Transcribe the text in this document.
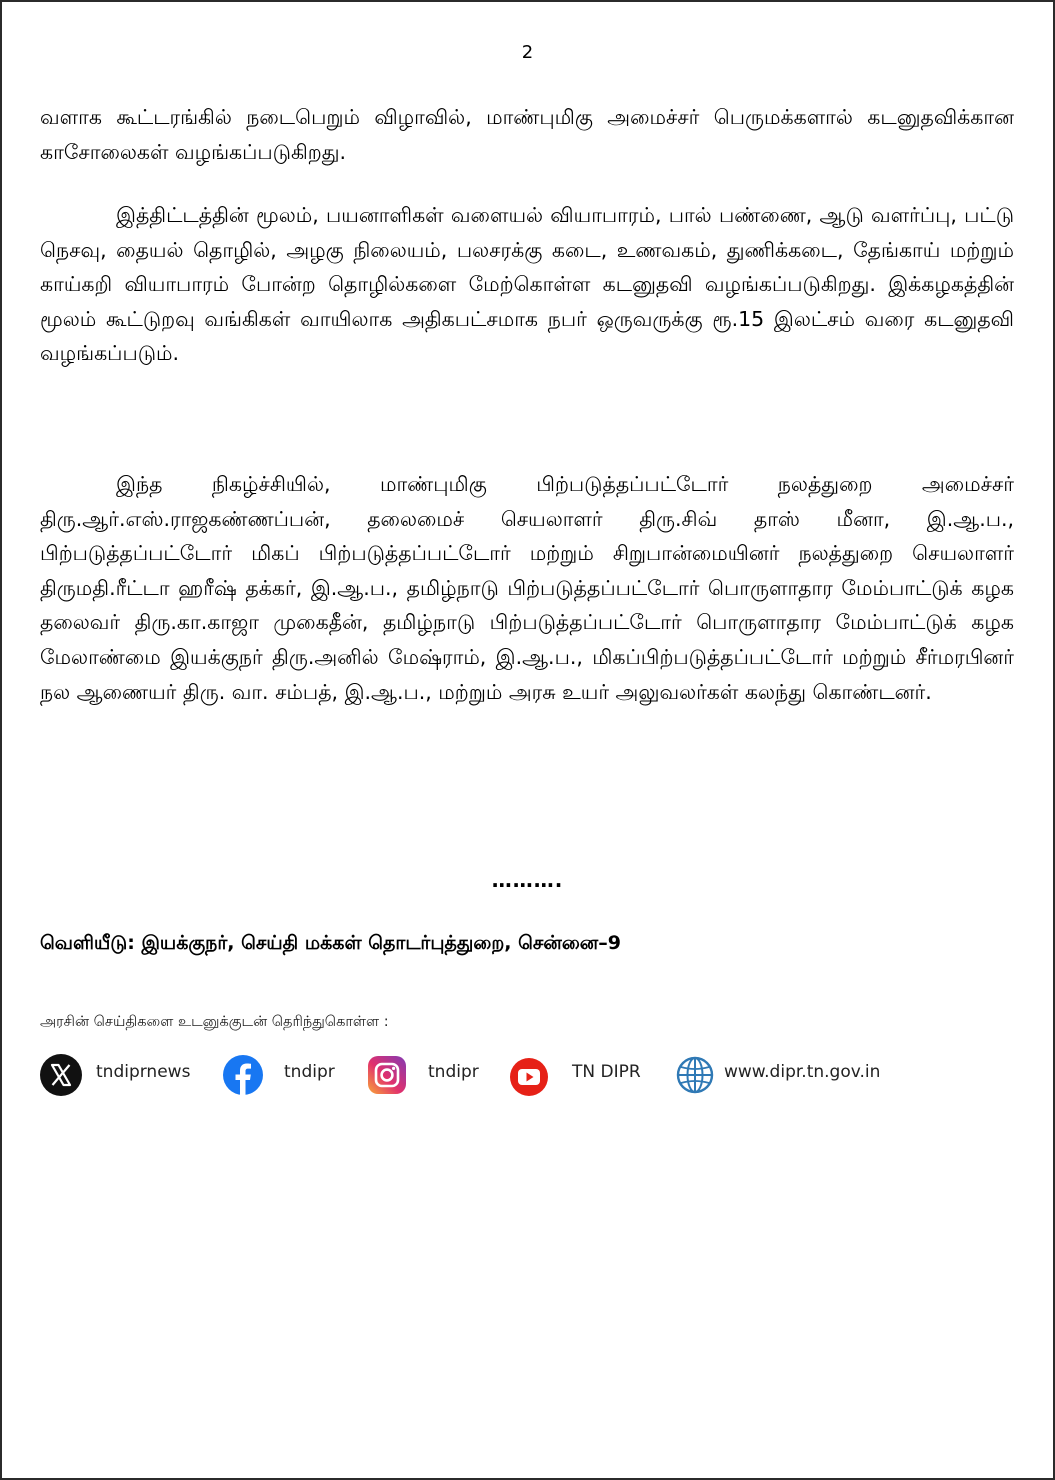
2

வளாக கூட்டரங்கில் நடைபெறும் விழாவில், மாண்புமிகு அமைச்சர் பெருமக்களால் கடனுதவிக்கான காசோலைகள் வழங்கப்படுகிறது.

இத்திட்டத்தின் மூலம், பயனாளிகள் வளையல் வியாபாரம், பால் பண்ணை, ஆடு வளர்ப்பு, பட்டு நெசவு, தையல் தொழில், அழகு நிலையம், பலசரக்கு கடை, உணவகம், துணிக்கடை, தேங்காய் மற்றும் காய்கறி வியாபாரம் போன்ற தொழில்களை மேற்கொள்ள கடனுதவி வழங்கப்படுகிறது. இக்கழகத்தின் மூலம் கூட்டுறவு வங்கிகள் வாயிலாக அதிகபட்சமாக நபர் ஒருவருக்கு ரூ.15 இலட்சம் வரை கடனுதவி வழங்கப்படும்.

இந்த நிகழ்ச்சியில், மாண்புமிகு பிற்படுத்தப்பட்டோர் நலத்துறை அமைச்சர் திரு.ஆர்.எஸ்.ராஜகண்ணப்பன், தலைமைச் செயலாளர் திரு.சிவ் தாஸ் மீனா, இ.ஆ.ப., பிற்படுத்தப்பட்டோர் மிகப் பிற்படுத்தப்பட்டோர் மற்றும் சிறுபான்மையினர் நலத்துறை செயலாளர் திருமதி.ரீட்டா ஹரீஷ் தக்கர், இ.ஆ.ப., தமிழ்நாடு பிற்படுத்தப்பட்டோர் பொருளாதார மேம்பாட்டுக் கழக தலைவர் திரு.கா.காஜா முகைதீன், தமிழ்நாடு பிற்படுத்தப்பட்டோர் பொருளாதார மேம்பாட்டுக் கழக மேலாண்மை இயக்குநர் திரு.அனில் மேஷ்ராம், இ.ஆ.ப., மிகப்பிற்படுத்தப்பட்டோர் மற்றும் சீர்மரபினர் நல ஆணையர் திரு. வா. சம்பத், இ.ஆ.ப., மற்றும் அரசு உயர் அலுவலர்கள் கலந்து கொண்டனர்.

……….
வெளியீடு: இயக்குநர், செய்தி மக்கள் தொடர்புத்துறை, சென்னை–9
அரசின் செய்திகளை உடனுக்குடன் தெரிந்துகொள்ள :
tndiprnews	tndipr	tndipr	TN DIPR	www.dipr.tn.gov.in
